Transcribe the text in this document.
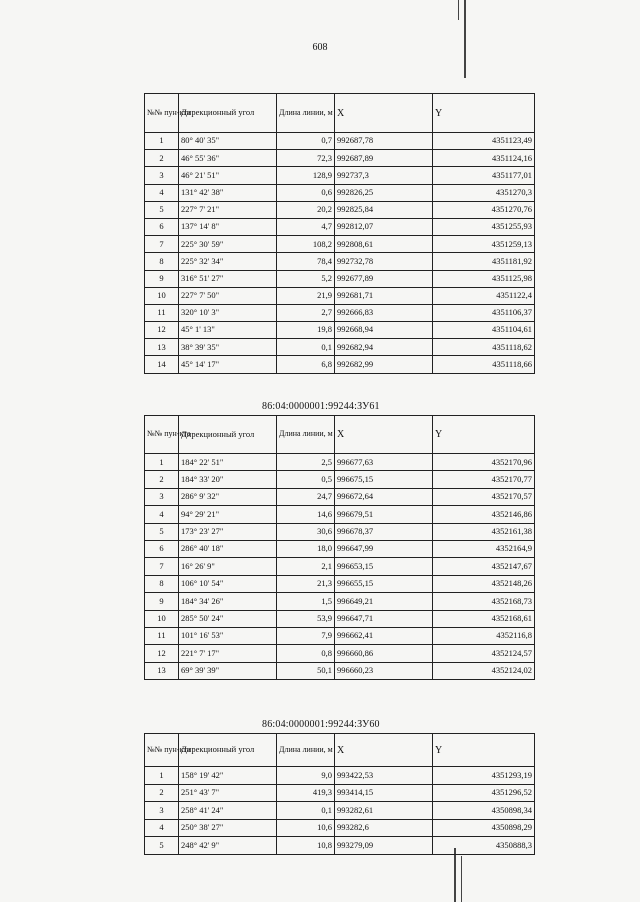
608
№№ пун-кта	Дирекционный угол	Длина линии, м	X	Y
1	80° 40' 35"	0,7	992687,78	4351123,49
2	46° 55' 36"	72,3	992687,89	4351124,16
3	46° 21' 51"	128,9	992737,3	4351177,01
4	131° 42' 38"	0,6	992826,25	4351270,3
5	227° 7' 21"	20,2	992825,84	4351270,76
6	137° 14' 8"	4,7	992812,07	4351255,93
7	225° 30' 59"	108,2	992808,61	4351259,13
8	225° 32' 34"	78,4	992732,78	4351181,92
9	316° 51' 27"	5,2	992677,89	4351125,98
10	227° 7' 50"	21,9	992681,71	4351122,4
11	320° 10' 3"	2,7	992666,83	4351106,37
12	45° 1' 13"	19,8	992668,94	4351104,61
13	38° 39' 35"	0,1	992682,94	4351118,62
14	45° 14' 17"	6,8	992682,99	4351118,66
86:04:0000001:99244:ЗУ61
№№ пун-кта	Дирекционный угол	Длина линии, м	X	Y
1	184° 22' 51"	2,5	996677,63	4352170,96
2	184° 33' 20"	0,5	996675,15	4352170,77
3	286° 9' 32"	24,7	996672,64	4352170,57
4	94° 29' 21"	14,6	996679,51	4352146,86
5	173° 23' 27"	30,6	996678,37	4352161,38
6	286° 40' 18"	18,0	996647,99	4352164,9
7	16° 26' 9"	2,1	996653,15	4352147,67
8	106° 10' 54"	21,3	996655,15	4352148,26
9	184° 34' 26"	1,5	996649,21	4352168,73
10	285° 50' 24"	53,9	996647,71	4352168,61
11	101° 16' 53"	7,9	996662,41	4352116,8
12	221° 7' 17"	0,8	996660,86	4352124,57
13	69° 39' 39"	50,1	996660,23	4352124,02
86:04:0000001:99244:ЗУ60
№№ пун-кта	Дирекционный угол	Длина линии, м	X	Y
1	158° 19' 42"	9,0	993422,53	4351293,19
2	251° 43' 7"	419,3	993414,15	4351296,52
3	258° 41' 24"	0,1	993282,61	4350898,34
4	250° 38' 27"	10,6	993282,6	4350898,29
5	248° 42' 9"	10,8	993279,09	4350888,3
